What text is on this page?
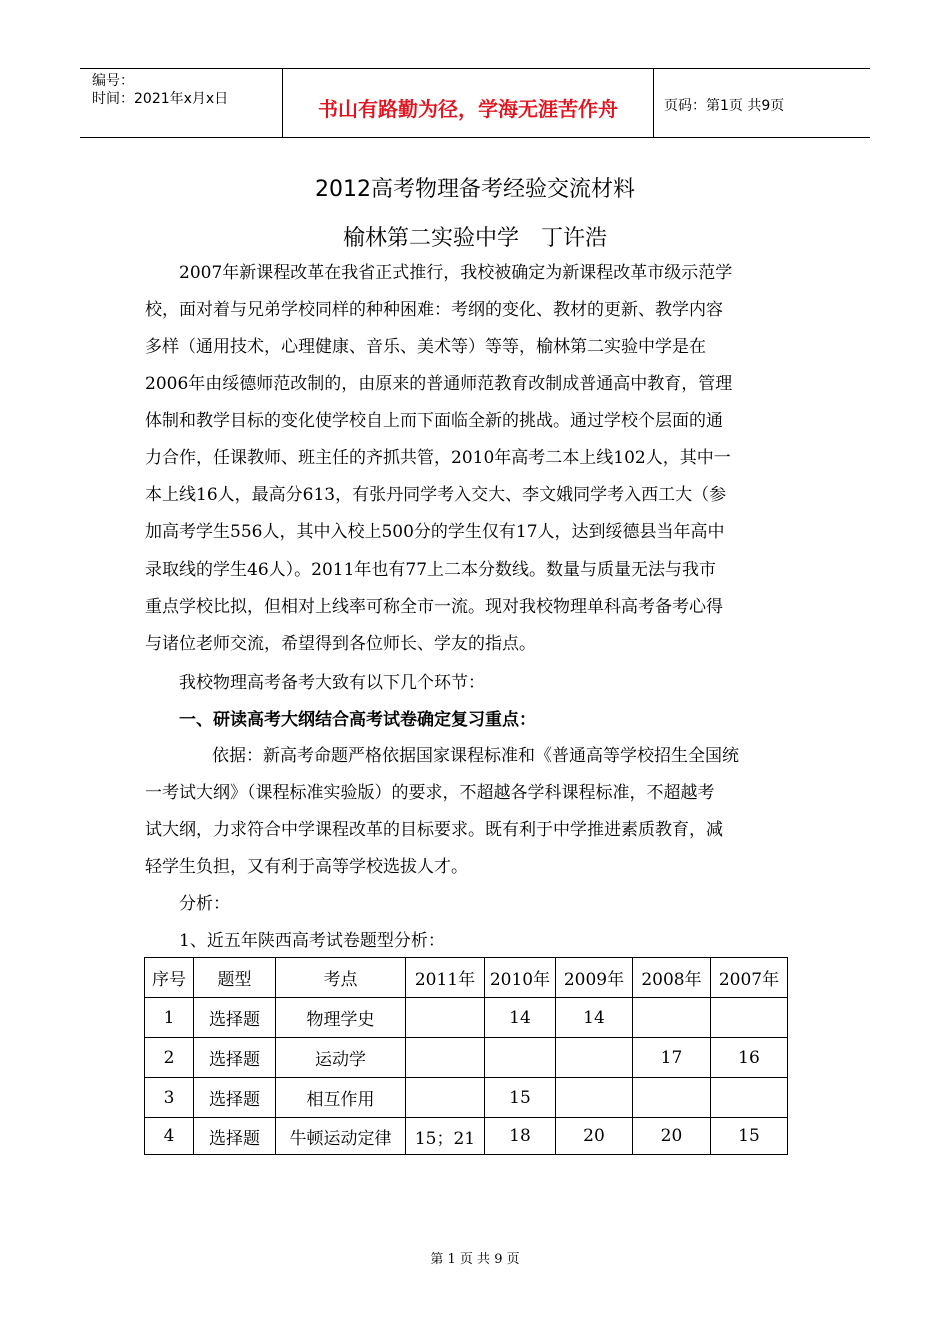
编号：
时间：2021年x月x日	书山有路勤为径，学海无涯苦作舟	页码：第1页 共9页
2012高考物理备考经验交流材料
榆林第二实验中学　丁许浩

2007年新课程改革在我省正式推行，我校被确定为新课程改革市级示范学

校，面对着与兄弟学校同样的种种困难：考纲的变化、教材的更新、教学内容

多样（通用技术，心理健康、音乐、美术等）等等，榆林第二实验中学是在

2006年由绥德师范改制的，由原来的普通师范教育改制成普通高中教育，管理

体制和教学目标的变化使学校自上而下面临全新的挑战。通过学校个层面的通

力合作，任课教师、班主任的齐抓共管，2010年高考二本上线102人，其中一

本上线16人，最高分613，有张丹同学考入交大、李文娥同学考入西工大（参

加高考学生556人，其中入校上500分的学生仅有17人，达到绥德县当年高中

录取线的学生46人）。2011年也有77上二本分数线。数量与质量无法与我市

重点学校比拟，但相对上线率可称全市一流。现对我校物理单科高考备考心得

与诸位老师交流，希望得到各位师长、学友的指点。

我校物理高考备考大致有以下几个环节：

一、研读高考大纲结合高考试卷确定复习重点：

依据：新高考命题严格依据国家课程标准和《普通高等学校招生全国统

一考试大纲》（课程标准实验版）的要求，不超越各学科课程标准，不超越考

试大纲，力求符合中学课程改革的目标要求。既有利于中学推进素质教育，减

轻学生负担，又有利于高等学校选拔人才。

分析：

1、近五年陕西高考试卷题型分析：

序号	题型	考点	2011年	2010年	2009年	2008年	2007年
1	选择题	物理学史		14	14		
2	选择题	运动学				17	16
3	选择题	相互作用		15			
4	选择题	牛顿运动定律	15；21	18	20	20	15
第 1 页 共 9 页
